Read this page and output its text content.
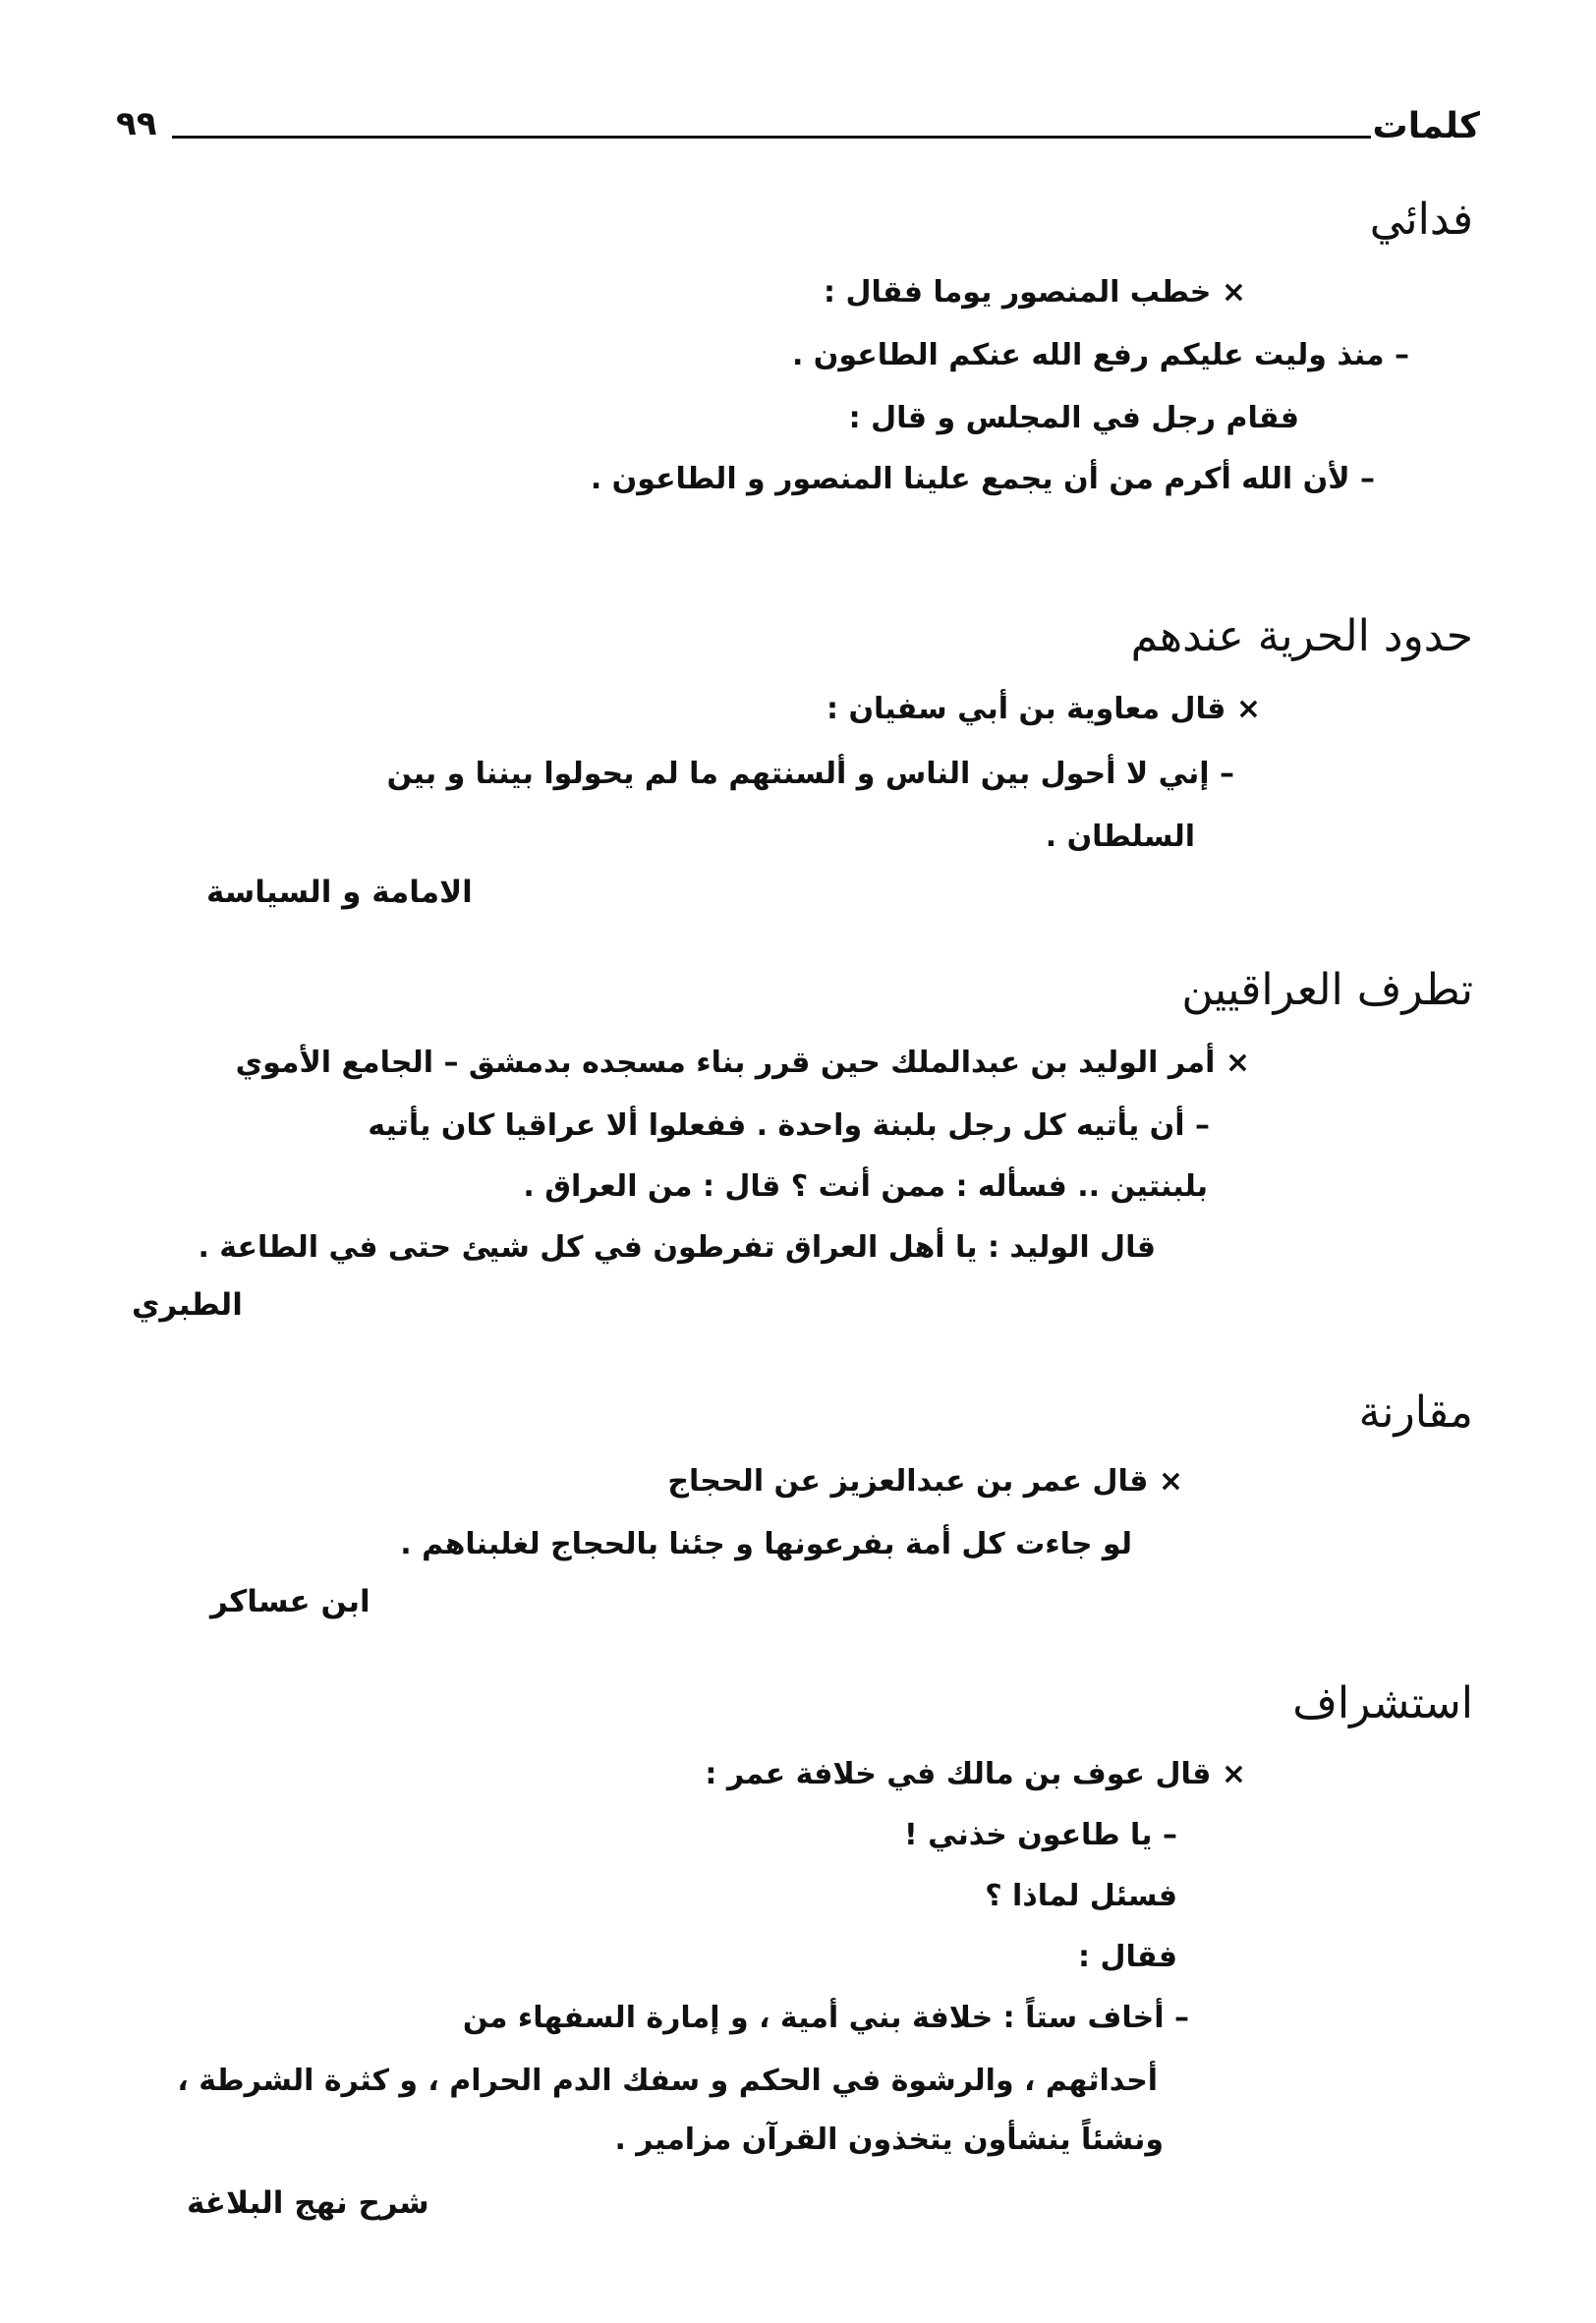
كلمات
٩٩
فدائي
× خطب المنصور يوما فقال :
– منذ وليت عليكم رفع الله عنكم الطاعون .
فقام رجل في المجلس و قال :
– لأن الله أكرم من أن يجمع علينا المنصور و الطاعون .
حدود الحرية عندهم
× قال معاوية بن أبي سفيان :
– إني لا أحول بين الناس و ألسنتهم ما لم يحولوا بيننا و بين
السلطان .
الامامة و السياسة
تطرف العراقيين
× أمر الوليد بن عبدالملك حين قرر بناء مسجده بدمشق – الجامع الأموي
– أن يأتيه كل رجل بلبنة واحدة . ففعلوا ألا عراقيا كان يأتيه
بلبنتين .. فسأله : ممن أنت ؟ قال : من العراق .
قال الوليد : يا أهل العراق تفرطون في كل شيئ حتى في الطاعة .
الطبري
مقارنة
× قال عمر بن عبدالعزيز عن الحجاج
لو جاءت كل أمة بفرعونها و جئنا بالحجاج لغلبناهم .
ابن عساكر
استشراف
× قال عوف بن مالك في خلافة عمر :
– يا طاعون خذني !
فسئل لماذا ؟
فقال :
– أخاف ستاً : خلافة بني أمية ، و إمارة السفهاء من
أحداثهم ، والرشوة في الحكم و سفك الدم الحرام ، و كثرة الشرطة ،
ونشئاً ينشأون يتخذون القرآن مزامير .
شرح نهج البلاغة
